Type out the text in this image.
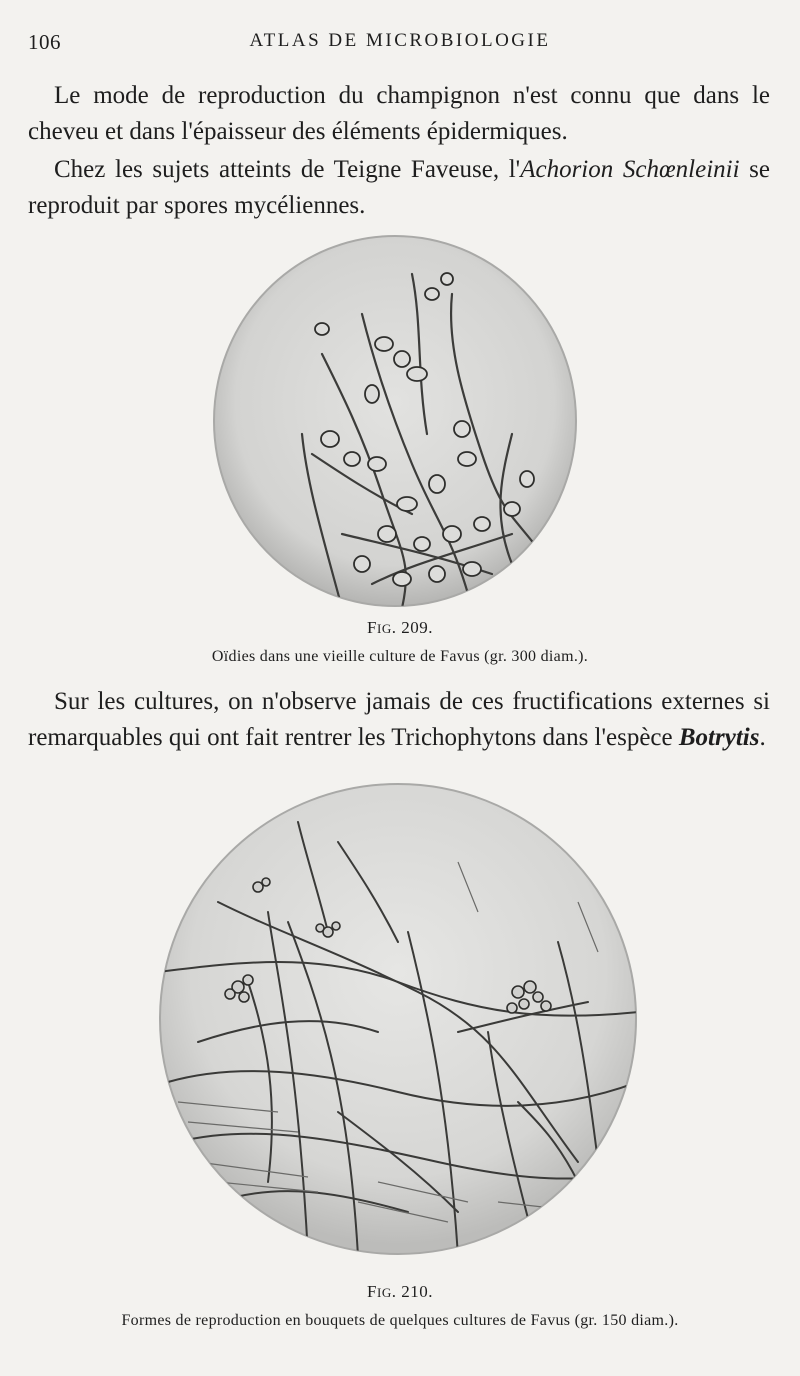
106	ATLAS DE MICROBIOLOGIE

Le mode de reproduction du champignon n'est connu que dans le cheveu et dans l'épaisseur des éléments épidermiques.

Chez les sujets atteints de Teigne Faveuse, l'Achorion Schœnleinii se reproduit par spores mycéliennes.

FIG. 209.
Oïdies dans une vieille culture de Favus (gr. 300 diam.).

Sur les cultures, on n'observe jamais de ces fructifications externes si remarquables qui ont fait rentrer les Trichophytons dans l'espèce Botrytis.

FIG. 210.
Formes de reproduction en bouquets de quelques cultures de Favus (gr. 150 diam.).
